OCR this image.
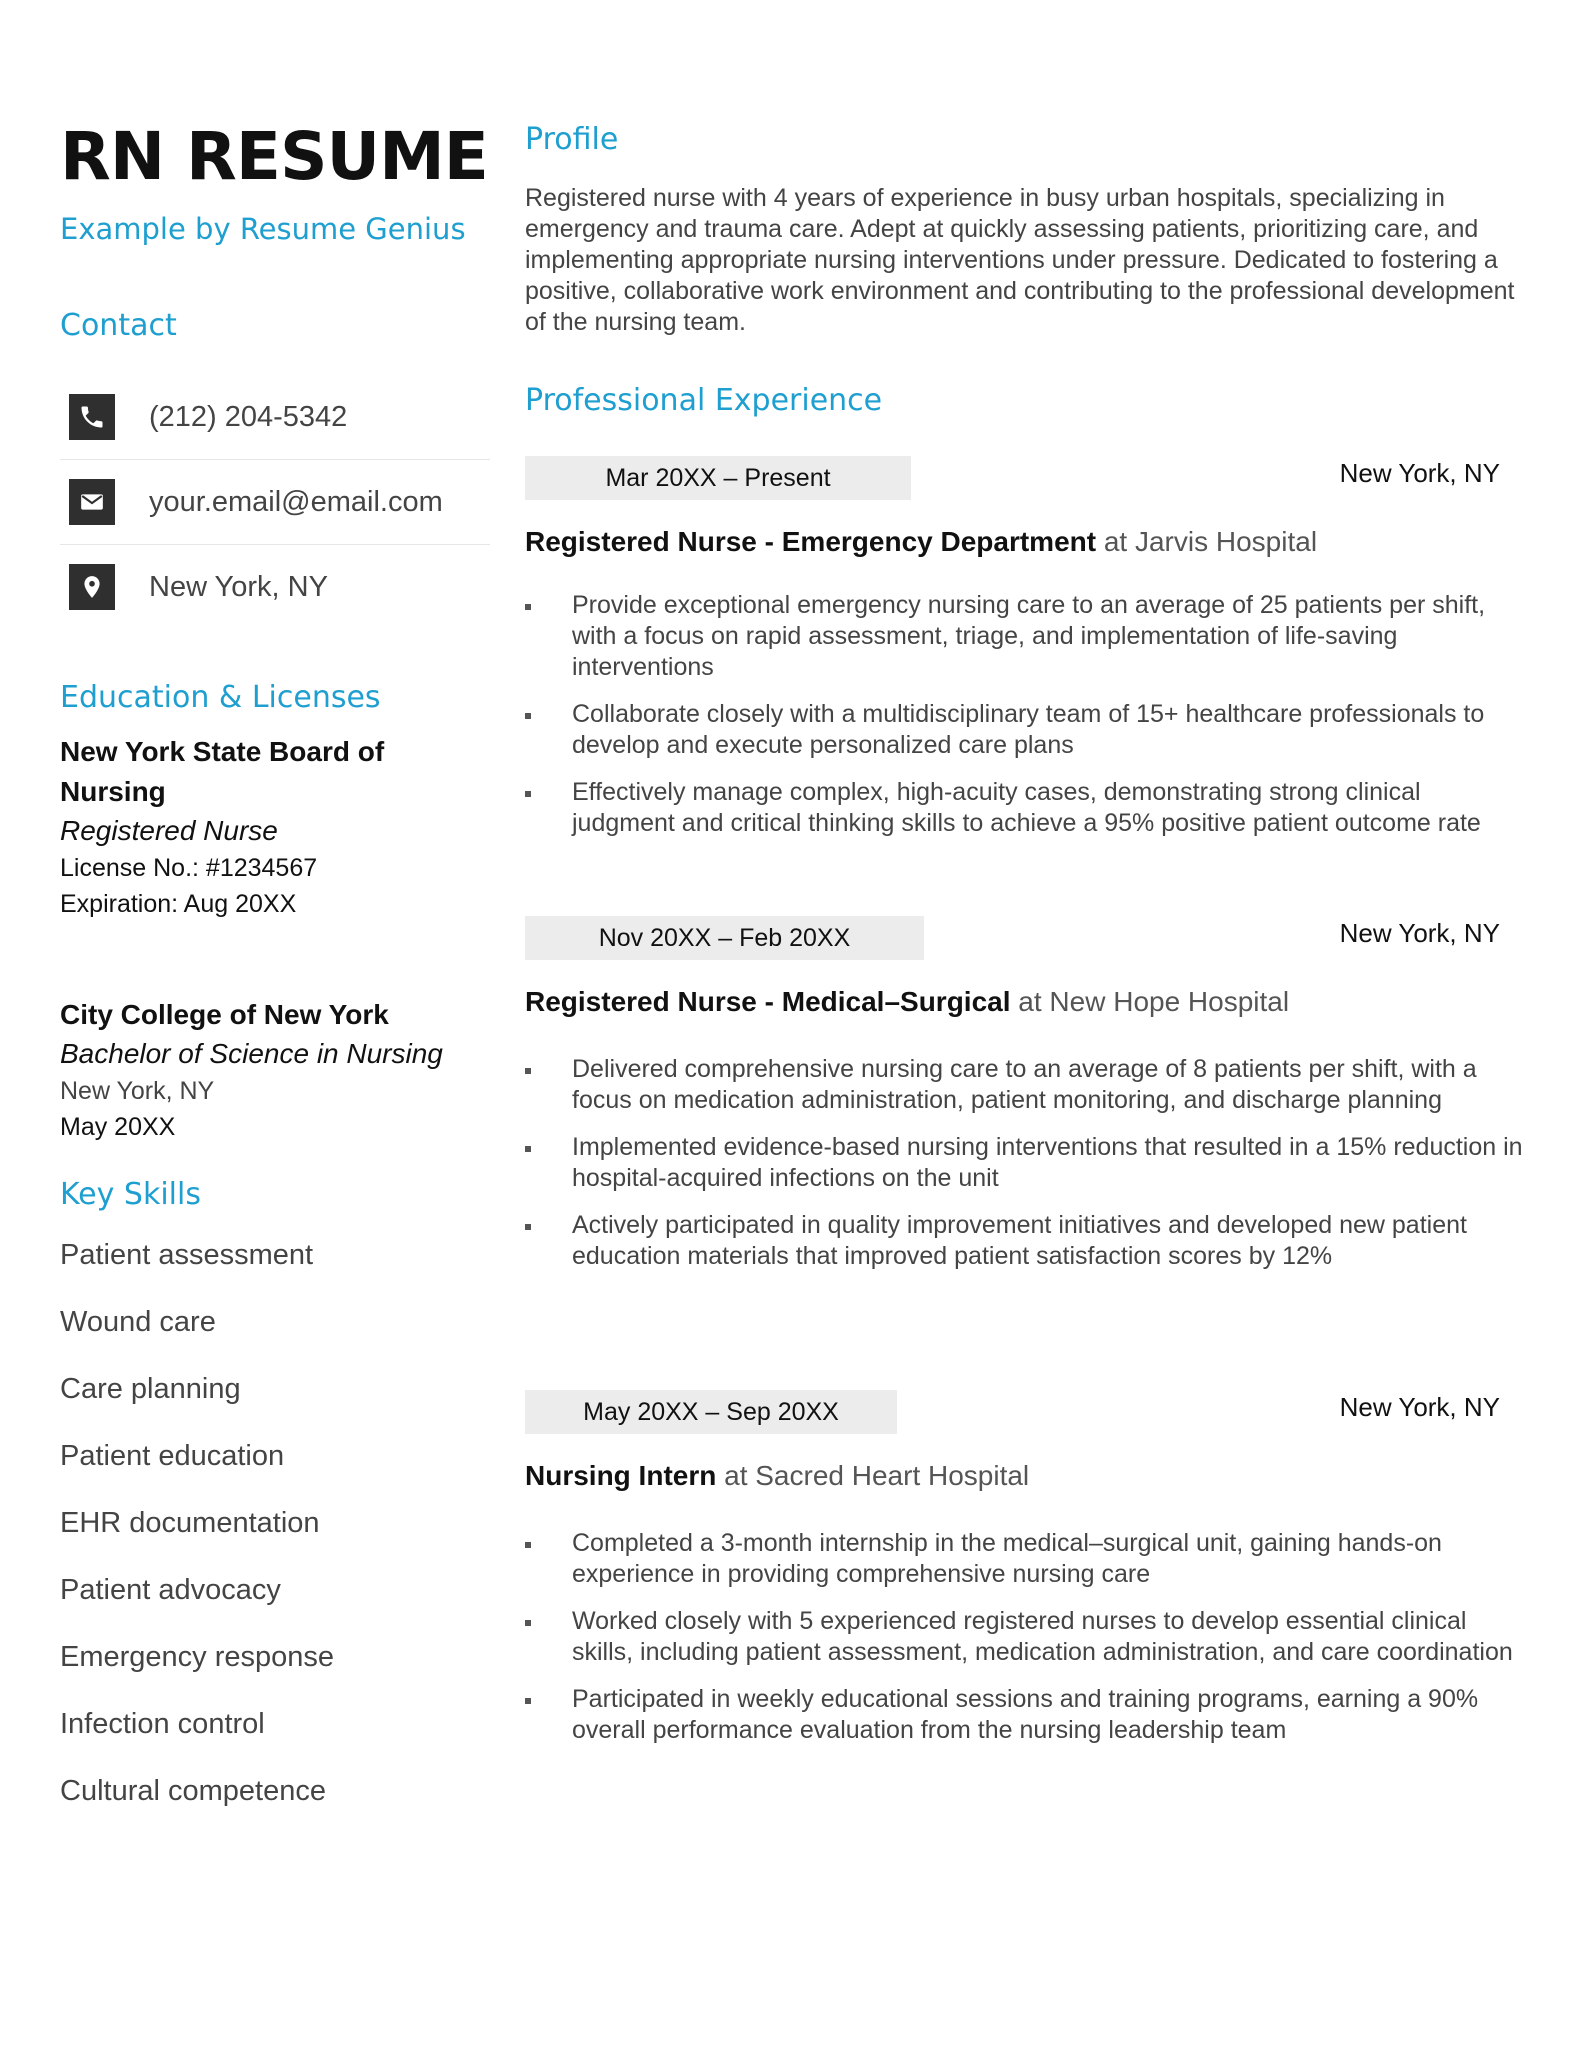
RN RESUME
Example by Resume Genius
Contact
(212) 204-5342
your.email@email.com
New York, NY
Education & Licenses
New York State Board of Nursing
Registered Nurse
License No.: #1234567
Expiration: Aug 20XX
City College of New York
Bachelor of Science in Nursing
New York, NY
May 20XX
Key Skills
Patient assessment
Wound care
Care planning
Patient education
EHR documentation
Patient advocacy
Emergency response
Infection control
Cultural competence
Profile

Registered nurse with 4 years of experience in busy urban hospitals, specializing in emergency and trauma care. Adept at quickly assessing patients, prioritizing care, and implementing appropriate nursing interventions under pressure. Dedicated to fostering a positive, collaborative work environment and contributing to the professional development of the nursing team.

Professional Experience
Mar 20XX – Present	New York, NY
Registered Nurse - Emergency Department at Jarvis Hospital
Provide exceptional emergency nursing care to an average of 25 patients per shift, with a focus on rapid assessment, triage, and implementation of life-saving interventions
Collaborate closely with a multidisciplinary team of 15+ healthcare professionals to develop and execute personalized care plans
Effectively manage complex, high-acuity cases, demonstrating strong clinical judgment and critical thinking skills to achieve a 95% positive patient outcome rate
Nov 20XX – Feb 20XX	New York, NY
Registered Nurse - Medical–Surgical at New Hope Hospital
Delivered comprehensive nursing care to an average of 8 patients per shift, with a focus on medication administration, patient monitoring, and discharge planning
Implemented evidence-based nursing interventions that resulted in a 15% reduction in hospital-acquired infections on the unit
Actively participated in quality improvement initiatives and developed new patient education materials that improved patient satisfaction scores by 12%
May 20XX – Sep 20XX	New York, NY
Nursing Intern at Sacred Heart Hospital
Completed a 3-month internship in the medical–surgical unit, gaining hands-on experience in providing comprehensive nursing care
Worked closely with 5 experienced registered nurses to develop essential clinical skills, including patient assessment, medication administration, and care coordination
Participated in weekly educational sessions and training programs, earning a 90% overall performance evaluation from the nursing leadership team
